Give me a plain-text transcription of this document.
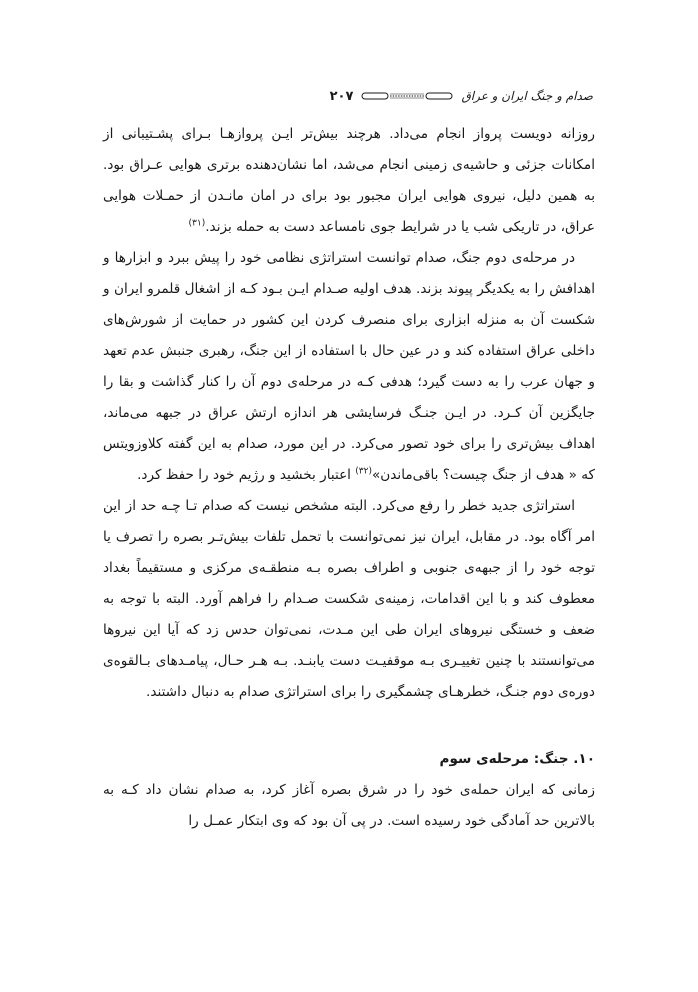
صدام و جنگ ایران و عراق
۲۰۷

روزانه دویست پرواز انجام می‌داد. هرچند بیش‌تر ایـن پروازهـا بـرای پشـتیبانی از امکانات جزئی و حاشیه‌ی زمینی انجام می‌شد، اما نشان‌دهنده برتری هوایی عـراق بود. به همین دلیل، نیروی هوایی ایران مجبور بود برای در امان مانـدن از حمـلات هوایی عراق، در تاریکی شب یا در شرایط جوی نامساعد دست به حمله بزند.$^{(۳۱)}$

در مرحله‌ی دوم جنگ، صدام توانست استراتژی نظامی خود را پیش ببرد و ابزارها و اهدافش را به یکدیگر پیوند بزند. هدف اولیه صـدام ایـن بـود کـه از اشغال قلمرو ایران و شکست آن به منزله ابزاری برای منصرف کردن این کشور در حمایت از شورش‌های داخلی عراق استفاده کند و در عین حال با استفاده از این جنگ، رهبری جنبش عدم تعهد و جهان عرب را به دست گیرد؛ هدفی کـه در مرحله‌ی دوم آن را کنار گذاشت و بقا را جایگزین آن کـرد. در ایـن جنـگ فرسایشی هر اندازه ارتش عراق در جبهه می‌ماند، اهداف بیش‌تری را برای خود تصور می‌کرد. در این مورد، صدام به این گفته کلاوزویتس که « هدف از جنگ چیست؟ باقی‌ماندن»$^{(۳۲)}$ اعتبار بخشید و رژیم خود را حفظ کرد.

استراتژی جدید خطر را رفع می‌کرد. البته مشخص نیست که صدام تـا چـه حد از این امر آگاه بود. در مقابل، ایران نیز نمی‌توانست با تحمل تلفات بیش‌تـر بصره را تصرف یا توجه خود را از جبهه‌ی جنوبی و اطراف بصره بـه منطقـه‌ی مرکزی و مستقیماً بغداد معطوف کند و با این اقدامات، زمینه‌ی شکست صـدام را فراهم آورد. البته با توجه به ضعف و خستگی نیروهای ایران طی این مـدت، نمی‌توان حدس زد که آیا این نیروها می‌توانستند با چنین تغییـری بـه موقفیـت دست یابنـد. بـه هـر حـال، پیامـدهای بـالقوه‌ی دوره‌ی دوم جنـگ، خطرهـای چشمگیری را برای استراتژی صدام به دنبال داشتند.

۱۰. جنگ: مرحله‌ی سوم

زمانی که ایران حمله‌ی خود را در شرق بصره آغاز کرد، به صدام نشان داد کـه به بالاترین حد آمادگی خود رسیده است. در پی آن بود که وی ابتکار عمـل را
